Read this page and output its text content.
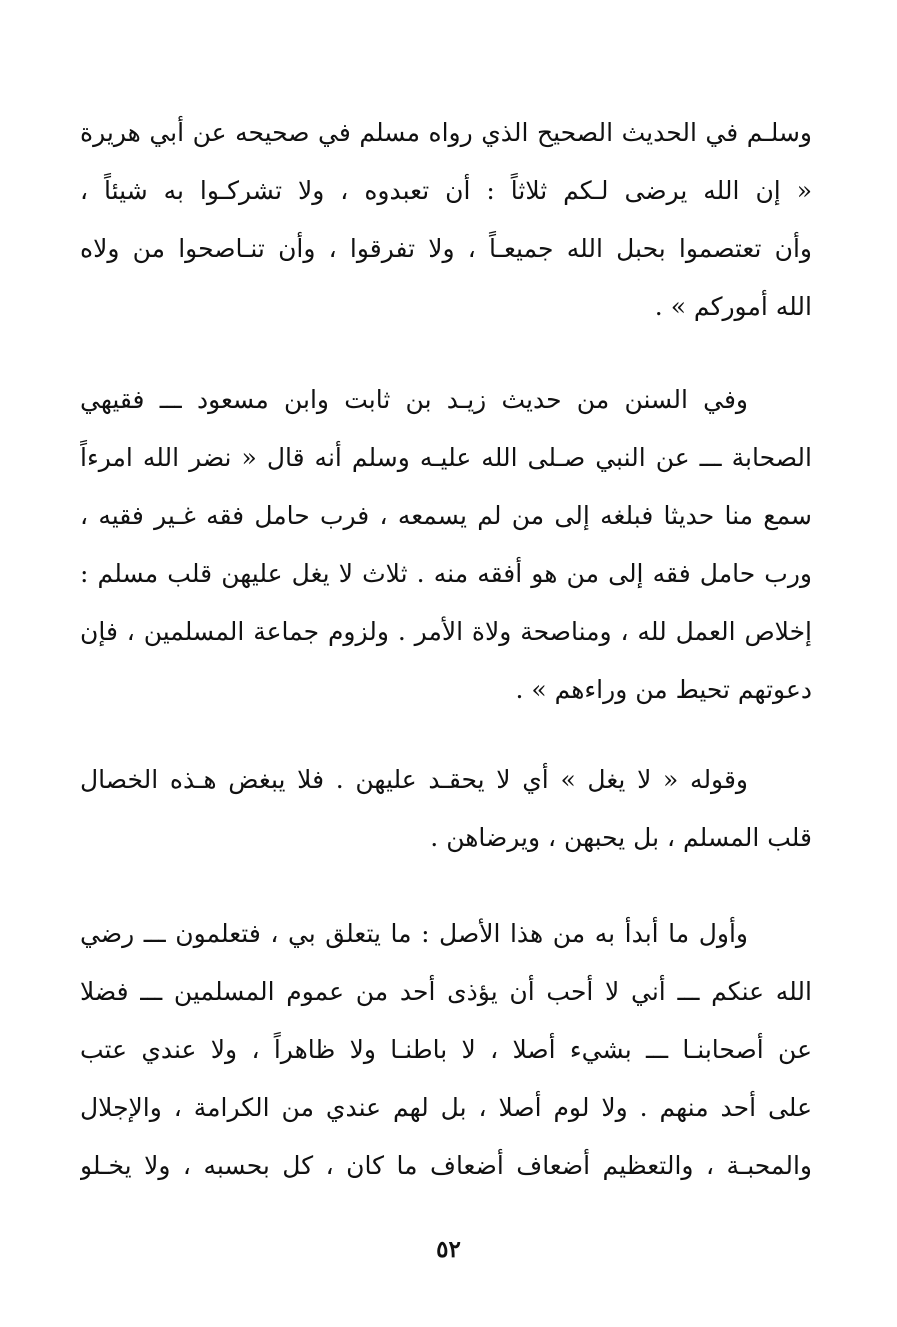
وسلـم في الحديث الصحيح الذي رواه مسلم في صحيحه عن أبي هريرة
« إن الله يرضى لـكم ثلاثاً : أن تعبدوه ، ولا تشركـوا به شيئاً ،
وأن تعتصموا بحبل الله جميعـاً ، ولا تفرقوا ، وأن تنـاصحوا من ولاه
الله أموركم » .
وفي السنن من حديث زيـد بن ثابت وابن مسعود ـــ فقيهي
الصحابة ـــ عن النبي صـلى الله عليـه وسلم أنه قال « نضر الله امرءاً
سمع منا حديثا فبلغه إلى من لم يسمعه ، فرب حامل فقه غـير فقيه ،
ورب حامل فقه إلى من هو أفقه منه . ثلاث لا يغل عليهن قلب مسلم :
إخلاص العمل لله ، ومناصحة ولاة الأمر . ولزوم جماعة المسلمين ، فإن
دعوتهم تحيط من وراءهم » .
وقوله « لا يغل » أي لا يحقـد عليهن . فلا يبغض هـذه الخصال
قلب المسلم ، بل يحبهن ، ويرضاهن .
وأول ما أبدأ به من هذا الأصل : ما يتعلق بي ، فتعلمون ـــ رضي
الله عنكم ـــ أني لا أحب أن يؤذى أحد من عموم المسلمين ـــ فضلا
عن أصحابنـا ـــ بشيء أصلا ، لا باطنـا ولا ظاهراً ، ولا عندي عتب
على أحد منهم . ولا لوم أصلا ، بل لهم عندي من الكرامة ، والإجلال
والمحبـة ، والتعظيم أضعاف أضعاف ما كان ، كل بحسبه ، ولا يخـلو
٥٢
